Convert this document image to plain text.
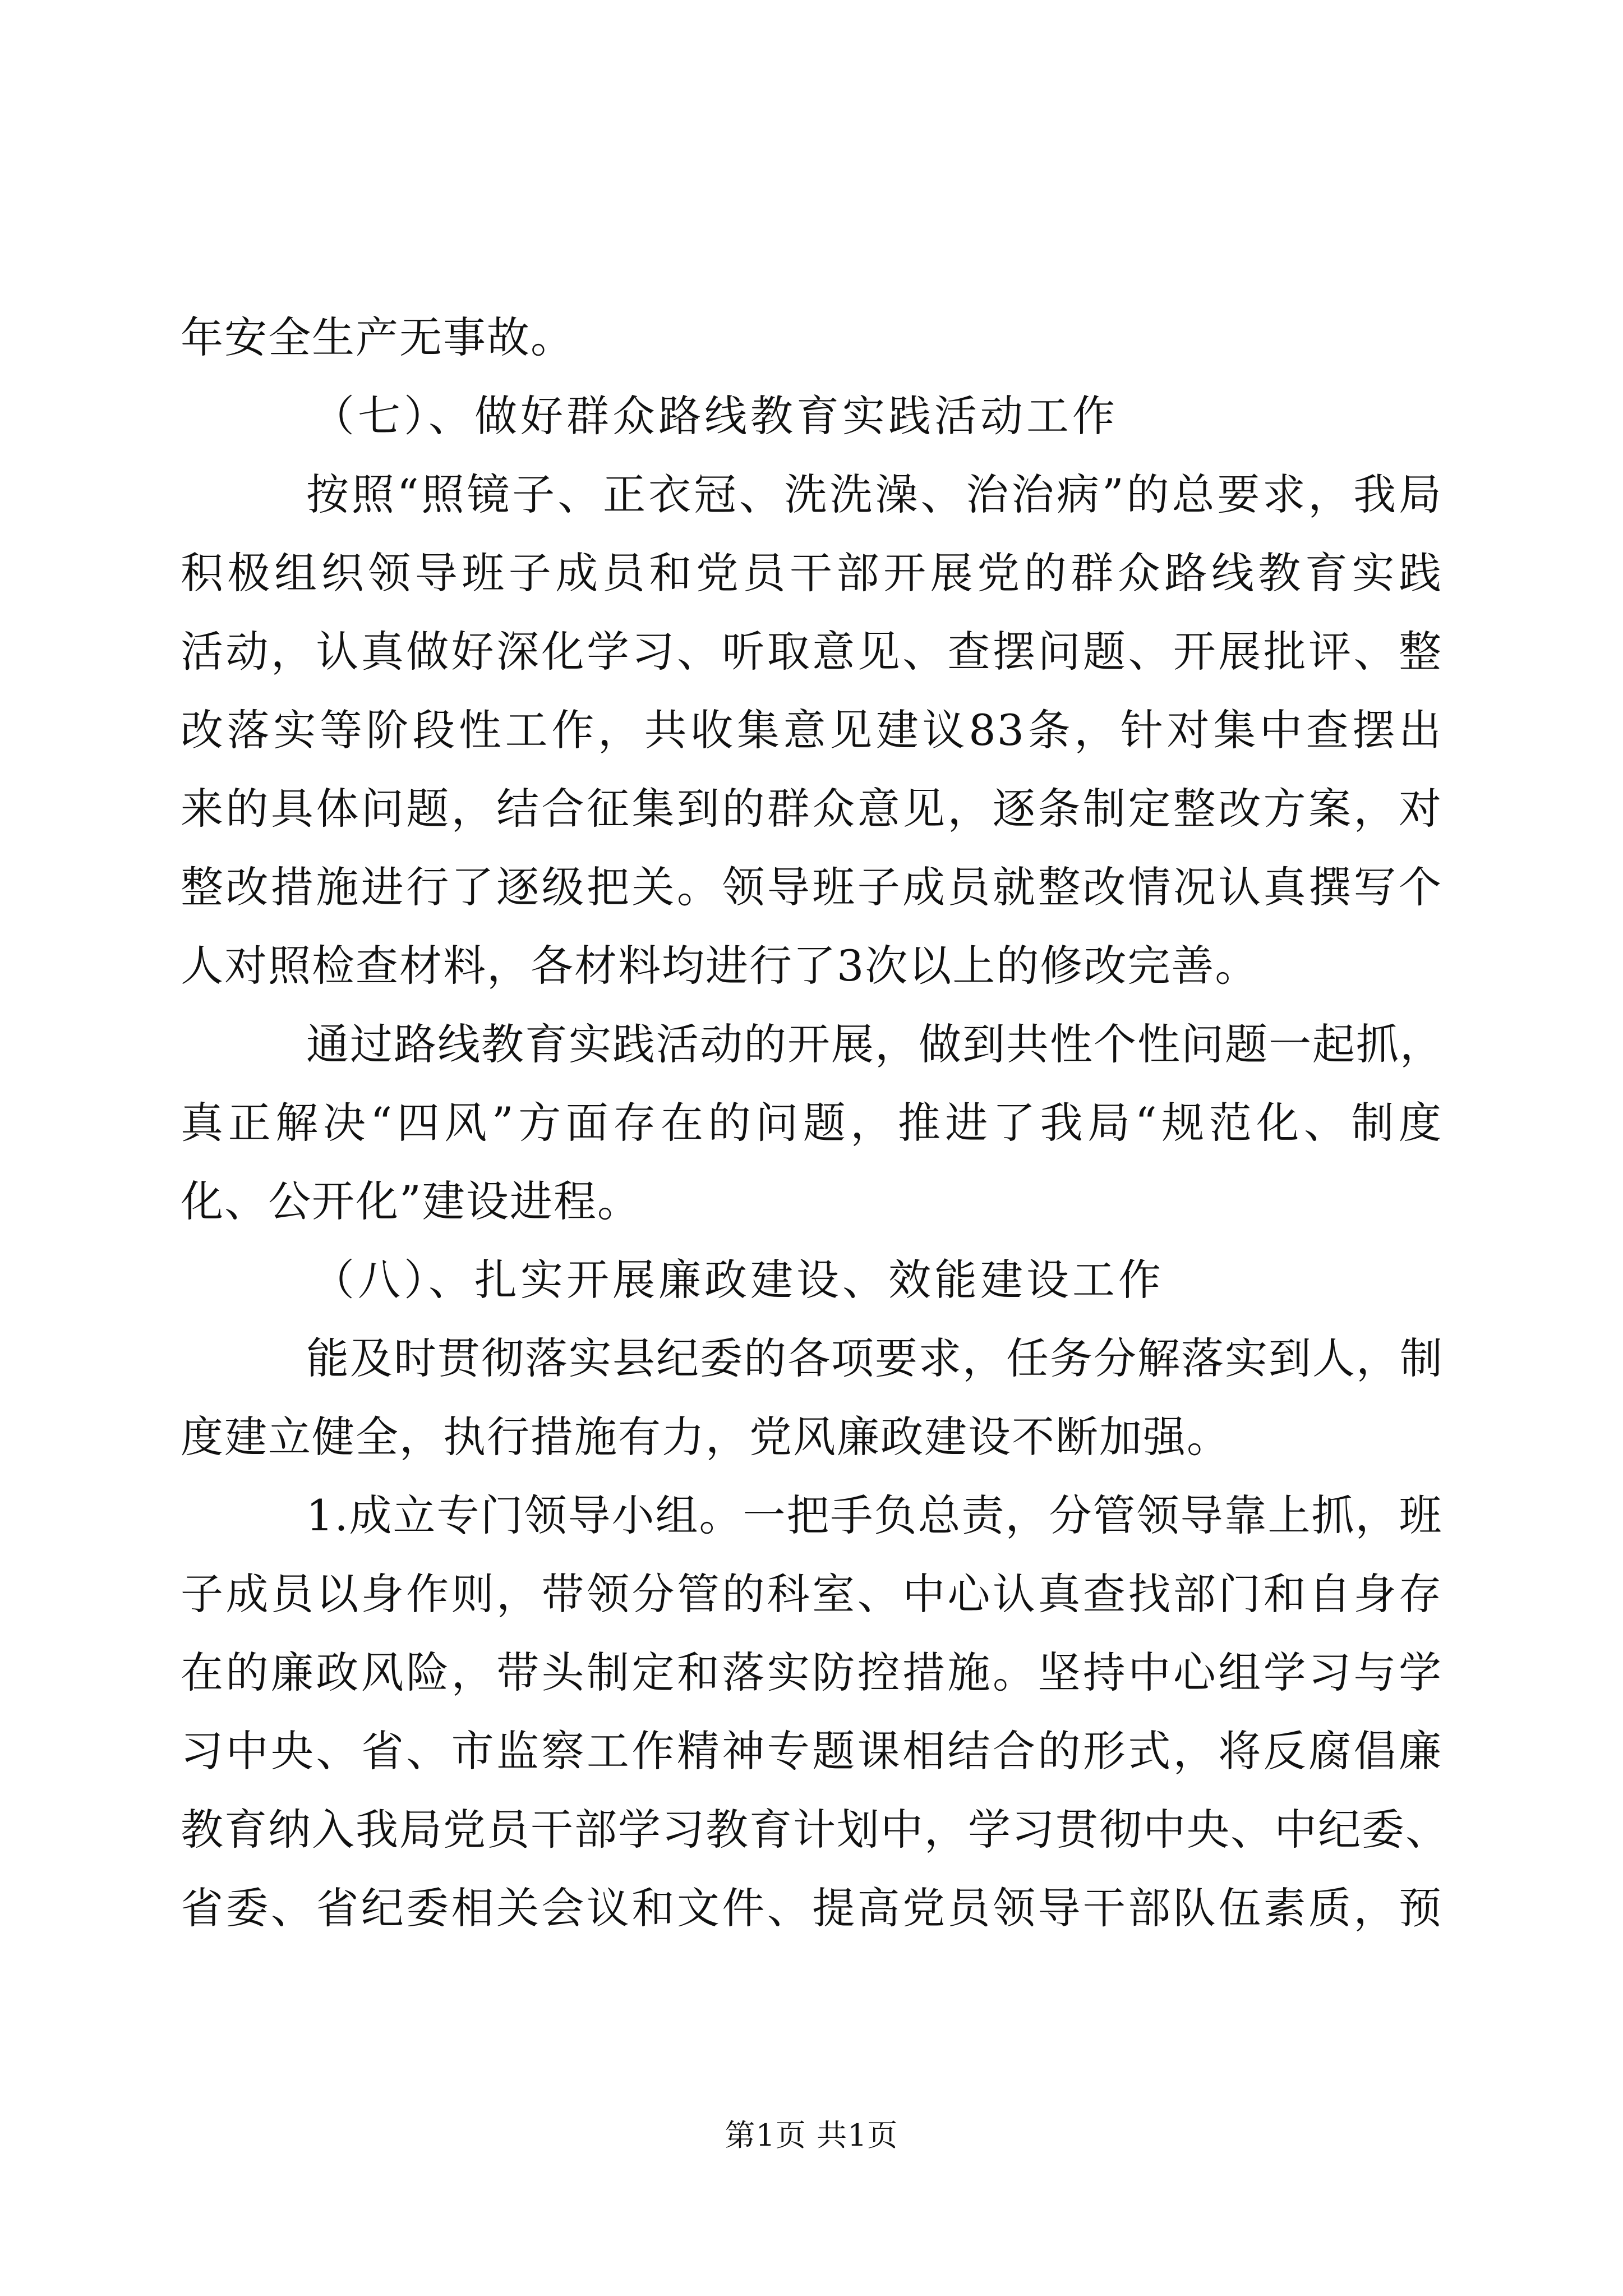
年安全生产无事故。
（七）、做好群众路线教育实践活动工作
按照“照镜子、正衣冠、洗洗澡、治治病”的总要求，我局
积极组织领导班子成员和党员干部开展党的群众路线教育实践
活动，认真做好深化学习、听取意见、查摆问题、开展批评、整
改落实等阶段性工作，共收集意见建议83条，针对集中查摆出
来的具体问题，结合征集到的群众意见，逐条制定整改方案，对
整改措施进行了逐级把关。领导班子成员就整改情况认真撰写个
人对照检查材料，各材料均进行了3次以上的修改完善。
通过路线教育实践活动的开展，做到共性个性问题一起抓，
真正解决“四风”方面存在的问题，推进了我局“规范化、制度
化、公开化”建设进程。
（八）、扎实开展廉政建设、效能建设工作
能及时贯彻落实县纪委的各项要求，任务分解落实到人，制
度建立健全，执行措施有力，党风廉政建设不断加强。
1.成立专门领导小组。一把手负总责，分管领导靠上抓，班
子成员以身作则，带领分管的科室、中心认真查找部门和自身存
在的廉政风险，带头制定和落实防控措施。坚持中心组学习与学
习中央、省、市监察工作精神专题课相结合的形式，将反腐倡廉
教育纳入我局党员干部学习教育计划中，学习贯彻中央、中纪委、
省委、省纪委相关会议和文件、提高党员领导干部队伍素质，预
第1页 共1页
